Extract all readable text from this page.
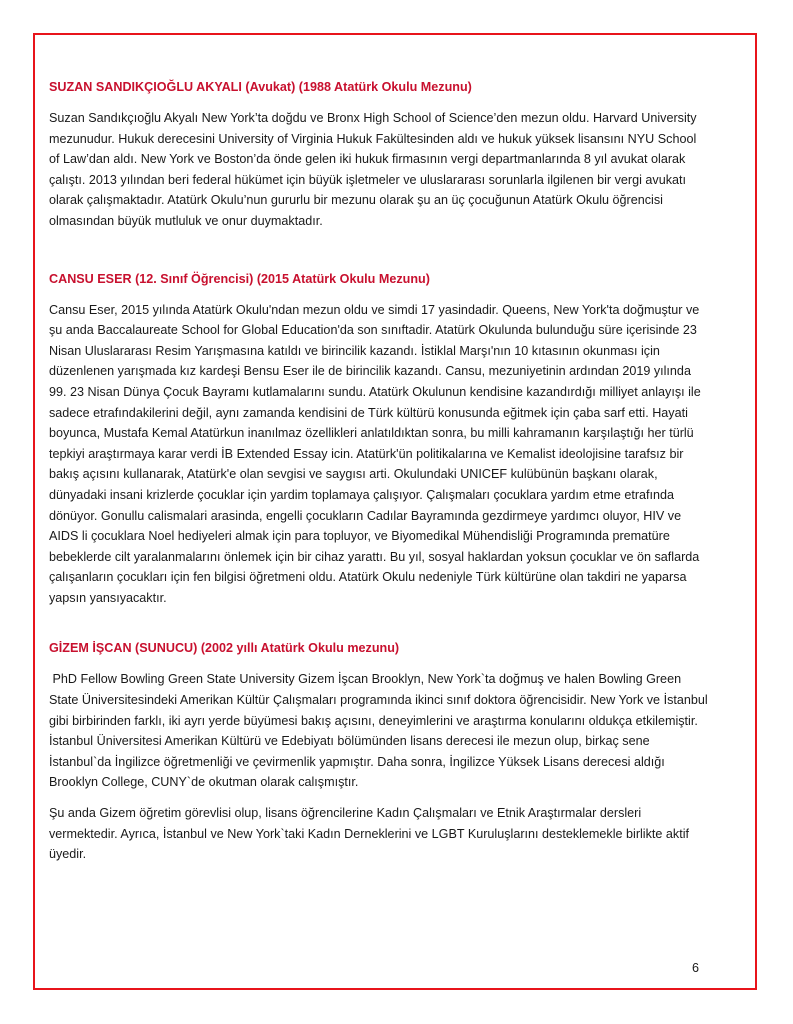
SUZAN SANDIKÇIOĞLU AKYALI (Avukat) (1988 Atatürk Okulu Mezunu)

Suzan Sandıkçıoğlu Akyalı New York’ta doğdu ve Bronx High School of Science’den mezun oldu. Harvard University mezunudur. Hukuk derecesini University of Virginia Hukuk Fakültesinden aldı ve hukuk yüksek lisansını NYU School of Law’dan aldı. New York ve Boston’da önde gelen iki hukuk firmasının vergi departmanlarında 8 yıl avukat olarak çalıştı. 2013 yılından beri federal hükümet için büyük işletmeler ve uluslararası sorunlarla ilgilenen bir vergi avukatı olarak çalışmaktadır. Atatürk Okulu’nun gururlu bir mezunu olarak şu an üç çocuğunun Atatürk Okulu öğrencisi olmasından büyük mutluluk ve onur duymaktadır.

CANSU ESER (12. Sınıf Öğrencisi) (2015 Atatürk Okulu Mezunu)

Cansu Eser, 2015 yılında Atatürk Okulu'ndan mezun oldu ve simdi 17 yasindadir. Queens, New York'ta doğmuştur ve şu anda Baccalaureate School for Global Education'da son sınıftadir. Atatürk Okulunda bulunduğu süre içerisinde 23 Nisan Uluslararası Resim Yarışmasına katıldı ve birincilik kazandı. İstiklal Marşı'nın 10 kıtasının okunması için düzenlenen yarışmada kız kardeşi Bensu Eser ile de birincilik kazandı. Cansu, mezuniyetinin ardından 2019 yılında 99. 23 Nisan Dünya Çocuk Bayramı kutlamalarını sundu. Atatürk Okulunun kendisine kazandırdığı milliyet anlayışı ile sadece etrafındakilerini değil, aynı zamanda kendisini de Türk kültürü konusunda eğitmek için çaba sarf etti. Hayati boyunca, Mustafa Kemal Atatürkun inanılmaz özellikleri anlatıldıktan sonra, bu milli kahramanın karşılaştığı her türlü tepkiyi araştırmaya karar verdi İB Extended Essay icin. Atatürk'ün politikalarına ve Kemalist ideolojisine tarafsız bir bakış açısını kullanarak, Atatürk'e olan sevgisi ve saygısı arti. Okulundaki UNICEF kulübünün başkanı olarak, dünyadaki insani krizlerde çocuklar için yardim toplamaya çalışıyor. Çalışmaları çocuklara yardım etme etrafında dönüyor. Gonullu calismalari arasinda, engelli çocukların Cadılar Bayramında gezdirmeye yardımcı oluyor, HIV ve AIDS li çocuklara Noel hediyeleri almak için para topluyor, ve Biyomedikal Mühendisliği Programında prematüre bebeklerde cilt yaralanmalarını önlemek için bir cihaz yarattı. Bu yıl, sosyal haklardan yoksun çocuklar ve ön saflarda çalışanların çocukları için fen bilgisi öğretmeni oldu. Atatürk Okulu nedeniyle Türk kültürüne olan takdiri ne yaparsa yapsın yansıyacaktır.

GİZEM İŞCAN (SUNUCU) (2002 yıllı Atatürk Okulu mezunu)

PhD Fellow Bowling Green State University Gizem İşcan Brooklyn, New York`ta doğmuş ve halen Bowling Green State Üniversitesindeki Amerikan Kültür Çalışmaları programında ikinci sınıf doktora öğrencisidir. New York ve İstanbul gibi birbirinden farklı, iki ayrı yerde büyümesi bakış açısını, deneyimlerini ve araştırma konularını oldukça etkilemiştir. İstanbul Üniversitesi Amerikan Kültürü ve Edebiyatı bölümünden lisans derecesi ile mezun olup, birkaç sene İstanbul`da İngilizce öğretmenliği ve çevirmenlik yapmıştır. Daha sonra, İngilizce Yüksek Lisans derecesi aldığı Brooklyn College, CUNY`de okutman olarak calışmıştır.

Şu anda Gizem öğretim görevlisi olup, lisans öğrencilerine Kadın Çalışmaları ve Etnik Araştırmalar dersleri vermektedir. Ayrıca, İstanbul ve New York`taki Kadın Derneklerini ve LGBT Kuruluşlarını desteklemekle birlikte aktif üyedir.

6
